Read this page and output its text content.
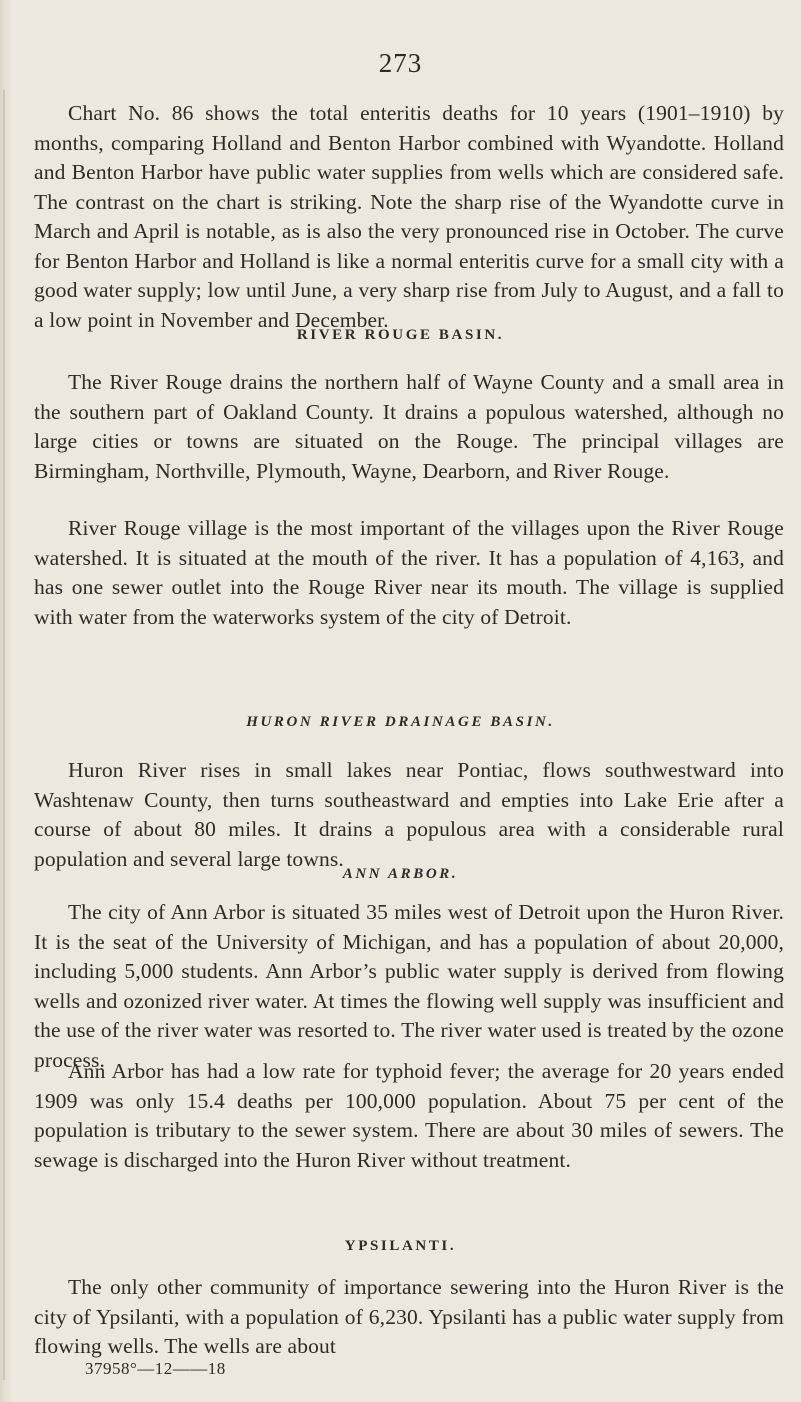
273

Chart No. 86 shows the total enteritis deaths for 10 years (1901–1910) by months, comparing Holland and Benton Harbor combined with Wyandotte. Holland and Benton Harbor have public water supplies from wells which are considered safe. The contrast on the chart is striking. Note the sharp rise of the Wyandotte curve in March and April is notable, as is also the very pronounced rise in October. The curve for Benton Harbor and Holland is like a normal enteritis curve for a small city with a good water supply; low until June, a very sharp rise from July to August, and a fall to a low point in November and December.

RIVER ROUGE BASIN.

The River Rouge drains the northern half of Wayne County and a small area in the southern part of Oakland County. It drains a populous watershed, although no large cities or towns are situated on the Rouge. The principal villages are Birmingham, Northville, Plymouth, Wayne, Dearborn, and River Rouge.

River Rouge village is the most important of the villages upon the River Rouge watershed. It is situated at the mouth of the river. It has a population of 4,163, and has one sewer outlet into the Rouge River near its mouth. The village is supplied with water from the waterworks system of the city of Detroit.

HURON RIVER DRAINAGE BASIN.

Huron River rises in small lakes near Pontiac, flows southwestward into Washtenaw County, then turns southeastward and empties into Lake Erie after a course of about 80 miles. It drains a populous area with a considerable rural population and several large towns.

ANN ARBOR.

The city of Ann Arbor is situated 35 miles west of Detroit upon the Huron River. It is the seat of the University of Michigan, and has a population of about 20,000, including 5,000 students. Ann Arbor’s public water supply is derived from flowing wells and ozonized river water. At times the flowing well supply was insufficient and the use of the river water was resorted to. The river water used is treated by the ozone process.

Ann Arbor has had a low rate for typhoid fever; the average for 20 years ended 1909 was only 15.4 deaths per 100,000 population. About 75 per cent of the population is tributary to the sewer system. There are about 30 miles of sewers. The sewage is discharged into the Huron River without treatment.

YPSILANTI.

The only other community of importance sewering into the Huron River is the city of Ypsilanti, with a population of 6,230. Ypsilanti has a public water supply from flowing wells. The wells are about

37958°—12——18
